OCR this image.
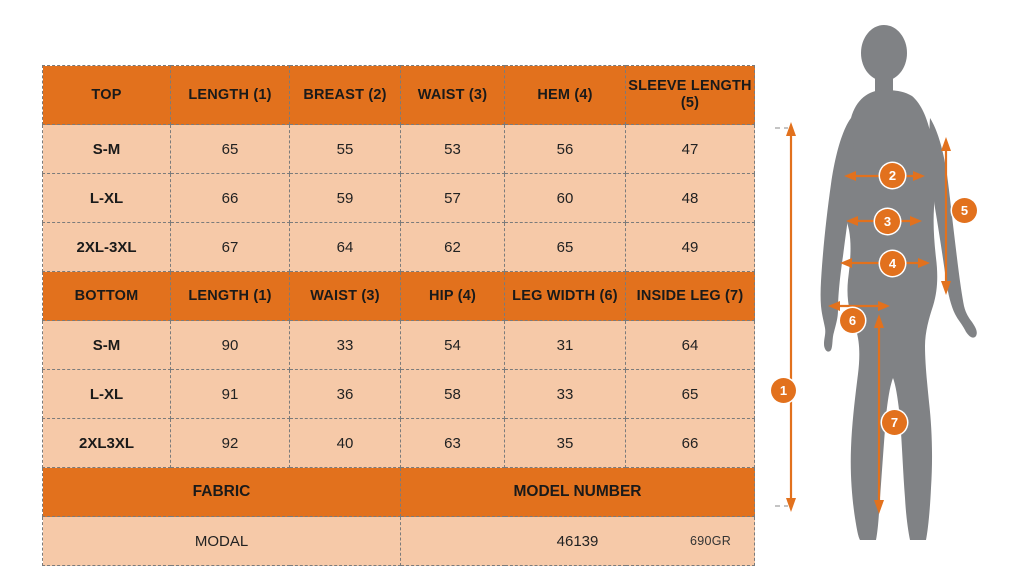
TOP	LENGTH (1)	BREAST (2)	WAIST (3)	HEM (4)	SLEEVE LENGTH (5)
S-M	65	55	53	56	47
L-XL	66	59	57	60	48
2XL-3XL	67	64	62	65	49
BOTTOM	LENGTH (1)	WAIST (3)	HIP (4)	LEG WIDTH (6)	INSIDE LEG (7)
S-M	90	33	54	31	64
L-XL	91	36	58	33	65
2XL3XL	92	40	63	35	66
FABRIC			MODEL NUMBER		
MODAL			46139			690GR
1
2
3
4
5
6
7
